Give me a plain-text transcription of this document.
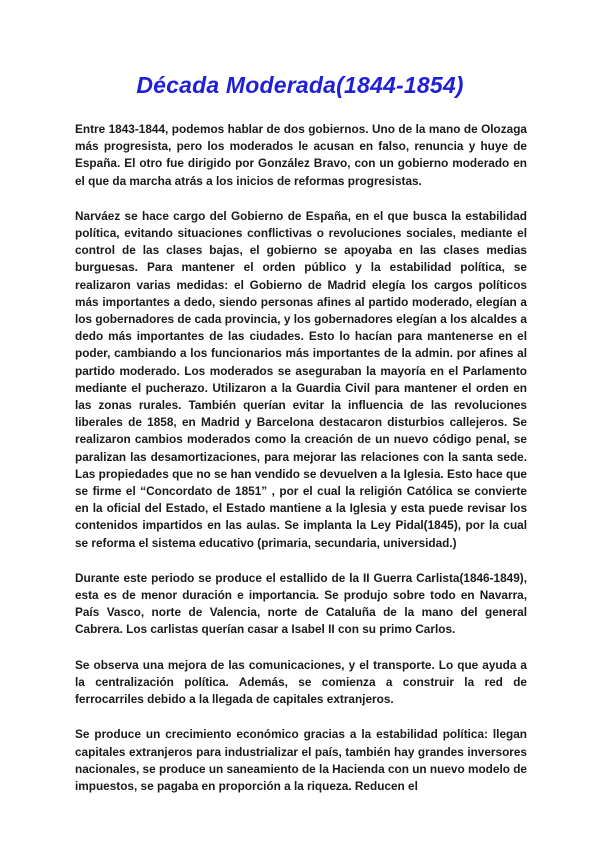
Década Moderada(1844-1854)

Entre 1843-1844, podemos hablar de dos gobiernos. Uno de la mano de Olozaga más progresista, pero los moderados le acusan en falso, renuncia y huye de España. El otro fue dirigido por González Bravo, con un gobierno moderado en el que da marcha atrás a los inicios de reformas progresistas.

Narváez se hace cargo del Gobierno de España, en el que busca la estabilidad política, evitando situaciones conflictivas o revoluciones sociales, mediante el control de las clases bajas, el gobierno se apoyaba en las clases medias burguesas. Para mantener el orden público y la estabilidad política, se realizaron varias medidas: el Gobierno de Madrid elegía los cargos políticos más importantes a dedo, siendo personas afines al partido moderado, elegían a los gobernadores de cada provincia, y los gobernadores elegían a los alcaldes a dedo más importantes de las ciudades. Esto lo hacían para mantenerse en el poder, cambiando a los funcionarios más importantes de la admin. por afines al partido moderado. Los moderados se aseguraban la mayoría en el Parlamento mediante el pucherazo. Utilizaron a la Guardia Civil para mantener el orden en las zonas rurales. También querían evitar la influencia de las revoluciones liberales de 1858, en Madrid y Barcelona destacaron disturbios callejeros. Se realizaron cambios moderados como la creación de un nuevo código penal, se paralizan las desamortizaciones, para mejorar las relaciones con la santa sede. Las propiedades que no se han vendido se devuelven a la Iglesia. Esto hace que se firme el “Concordato de 1851” , por el cual la religión Católica se convierte en la oficial del Estado, el Estado mantiene a la Iglesia y esta puede revisar los contenidos impartidos en las aulas. Se implanta la Ley Pidal(1845), por la cual se reforma el sistema educativo (primaria, secundaria, universidad.)

Durante este periodo se produce el estallido de la II Guerra Carlista(1846-1849), esta es de menor duración e importancia. Se produjo sobre todo en Navarra, País Vasco, norte de Valencia, norte de Cataluña de la mano del general Cabrera. Los carlistas querían casar a Isabel II con su primo Carlos.

Se observa una mejora de las comunicaciones, y el transporte. Lo que ayuda a la centralización política. Además, se comienza a construir la red de ferrocarriles debido a la llegada de capitales extranjeros.

Se produce un crecimiento económico gracias a la estabilidad política: llegan capitales extranjeros para industrializar el país, también hay grandes inversores nacionales, se produce un saneamiento de la Hacienda con un nuevo modelo de impuestos, se pagaba en proporción a la riqueza. Reducen el
